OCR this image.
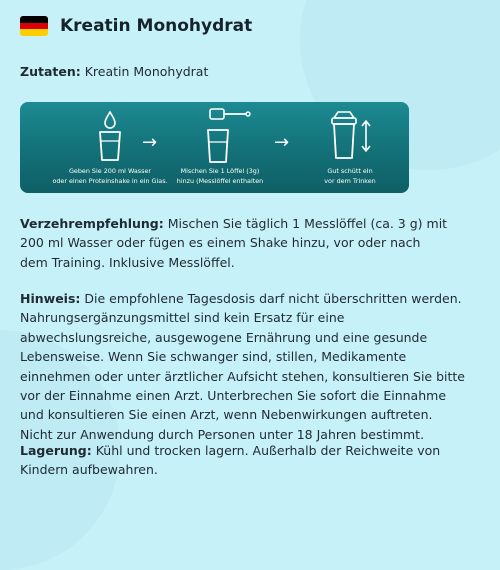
Kreatin Monohydrat
Zutaten: Kreatin Monohydrat
Geben Sie 200 ml Wasser
oder einen Proteinshake in ein Glas.
→
Mischen Sie 1 Löffel (3g)
hinzu (Messlöffel enthalten
→
Gut schütt eln
vor dem Trinken

Verzehrempfehlung: Mischen Sie täglich 1 Messlöffel (ca. 3 g) mit

200 ml Wasser oder fügen es einem Shake hinzu, vor oder nach

dem Training. Inklusive Messlöffel.

Hinweis: Die empfohlene Tagesdosis darf nicht überschritten werden.

Nahrungsergänzungsmittel sind kein Ersatz für eine

abwechslungsreiche, ausgewogene Ernährung und eine gesunde

Lebensweise. Wenn Sie schwanger sind, stillen, Medikamente

einnehmen oder unter ärztlicher Aufsicht stehen, konsultieren Sie bitte

vor der Einnahme einen Arzt. Unterbrechen Sie sofort die Einnahme

und konsultieren Sie einen Arzt, wenn Nebenwirkungen auftreten.

Nicht zur Anwendung durch Personen unter 18 Jahren bestimmt.

Lagerung: Kühl und trocken lagern. Außerhalb der Reichweite von

Kindern aufbewahren.
